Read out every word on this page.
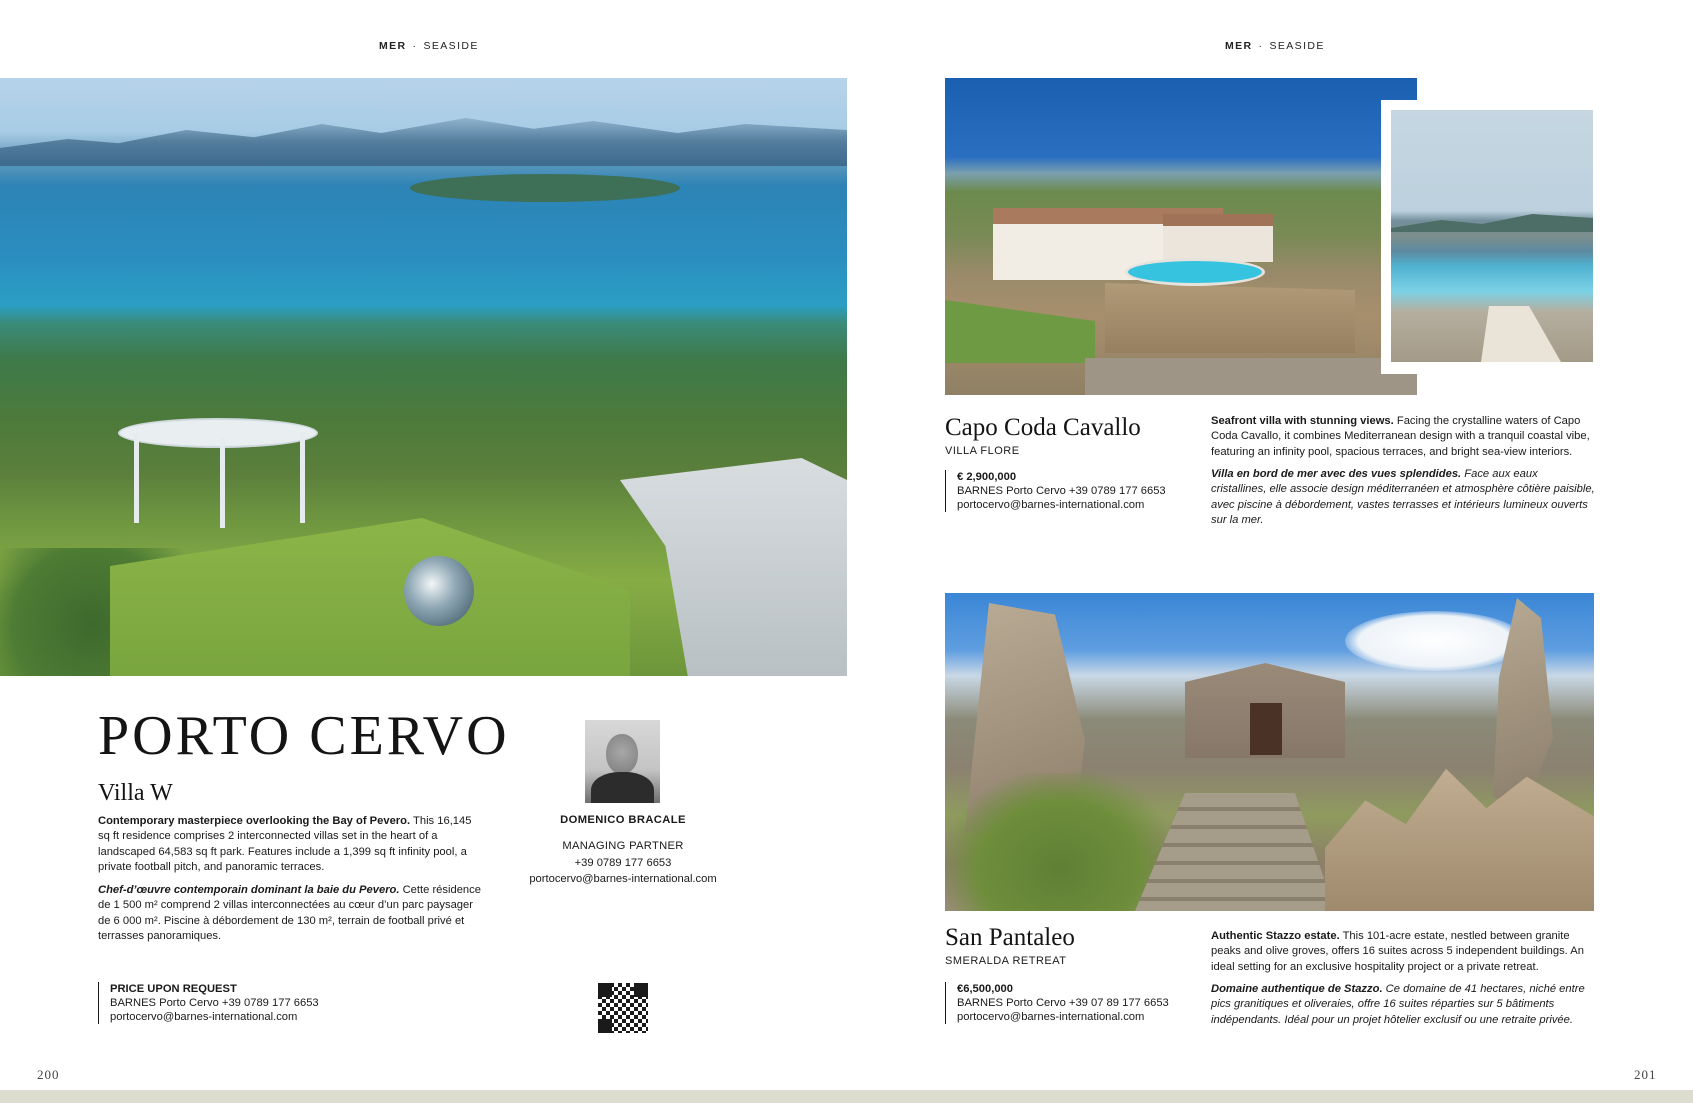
MER · SEASIDE	MER · SEASIDE
PORTO CERVO
Villa W
Contemporary masterpiece overlooking the Bay of Pevero. This 16,145 sq ft residence comprises 2 interconnected villas set in the heart of a landscaped 64,583 sq ft park. Features include a 1,399 sq ft infinity pool, a private football pitch, and panoramic terraces.
Chef-d’œuvre contemporain dominant la baie du Pevero. Cette résidence de 1 500 m² comprend 2 villas interconnectées au cœur d’un parc paysager de 6 000 m². Piscine à débordement de 130 m², terrain de football privé et terrasses panoramiques.
PRICE UPON REQUEST
BARNES Porto Cervo +39 0789 177 6653
portocervo@barnes-international.com
DOMENICO BRACALE
MANAGING PARTNER
+39 0789 177 6653
portocervo@barnes-international.com
Capo Coda Cavallo
VILLA FLORE
€ 2,900,000
BARNES Porto Cervo +39 0789 177 6653
portocervo@barnes-international.com
Seafront villa with stunning views. Facing the crystalline waters of Capo Coda Cavallo, it combines Mediterranean design with a tranquil coastal vibe, featuring an infinity pool, spacious terraces, and bright sea-view interiors.
Villa en bord de mer avec des vues splendides. Face aux eaux cristallines, elle associe design méditerranéen et atmosphère côtière paisible, avec piscine à débordement, vastes terrasses et intérieurs lumineux ouverts sur la mer.
San Pantaleo
SMERALDA RETREAT
€6,500,000
BARNES Porto Cervo +39 07 89 177 6653
portocervo@barnes-international.com
Authentic Stazzo estate. This 101-acre estate, nestled between granite peaks and olive groves, offers 16 suites across 5 independent buildings. An ideal setting for an exclusive hospitality project or a private retreat.
Domaine authentique de Stazzo. Ce domaine de 41 hectares, niché entre pics granitiques et oliveraies, offre 16 suites réparties sur 5 bâtiments indépendants. Idéal pour un projet hôtelier exclusif ou une retraite privée.
200	201
